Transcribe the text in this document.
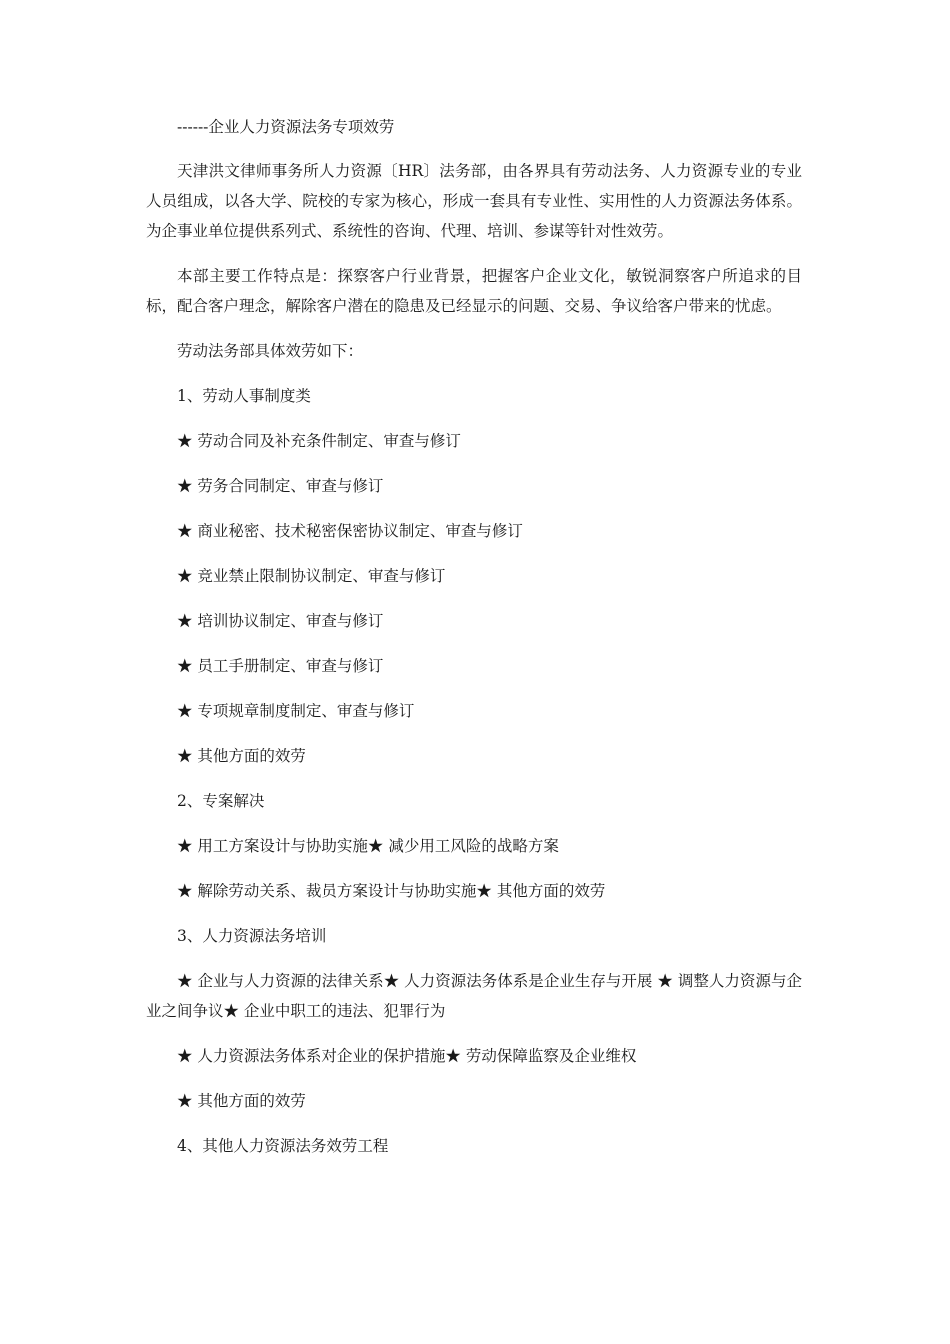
------企业人力资源法务专项效劳

天津洪文律师事务所人力资源〔HR〕法务部，由各界具有劳动法务、人力资源专业的专业人员组成，以各大学、院校的专家为核心，形成一套具有专业性、实用性的人力资源法务体系。为企事业单位提供系列式、系统性的咨询、代理、培训、参谋等针对性效劳。

本部主要工作特点是：探察客户行业背景，把握客户企业文化，敏锐洞察客户所追求的目标，配合客户理念，解除客户潜在的隐患及已经显示的问题、交易、争议给客户带来的忧虑。

劳动法务部具体效劳如下：

1、劳动人事制度类

★ 劳动合同及补充条件制定、审查与修订

★ 劳务合同制定、审查与修订

★ 商业秘密、技术秘密保密协议制定、审查与修订

★ 竞业禁止限制协议制定、审查与修订

★ 培训协议制定、审查与修订

★ 员工手册制定、审查与修订

★ 专项规章制度制定、审查与修订

★ 其他方面的效劳

2、专案解决

★ 用工方案设计与协助实施★ 减少用工风险的战略方案

★ 解除劳动关系、裁员方案设计与协助实施★ 其他方面的效劳

3、人力资源法务培训

★ 企业与人力资源的法律关系★ 人力资源法务体系是企业生存与开展 ★ 调整人力资源与企业之间争议★ 企业中职工的违法、犯罪行为

★ 人力资源法务体系对企业的保护措施★ 劳动保障监察及企业维权

★ 其他方面的效劳

4、其他人力资源法务效劳工程
